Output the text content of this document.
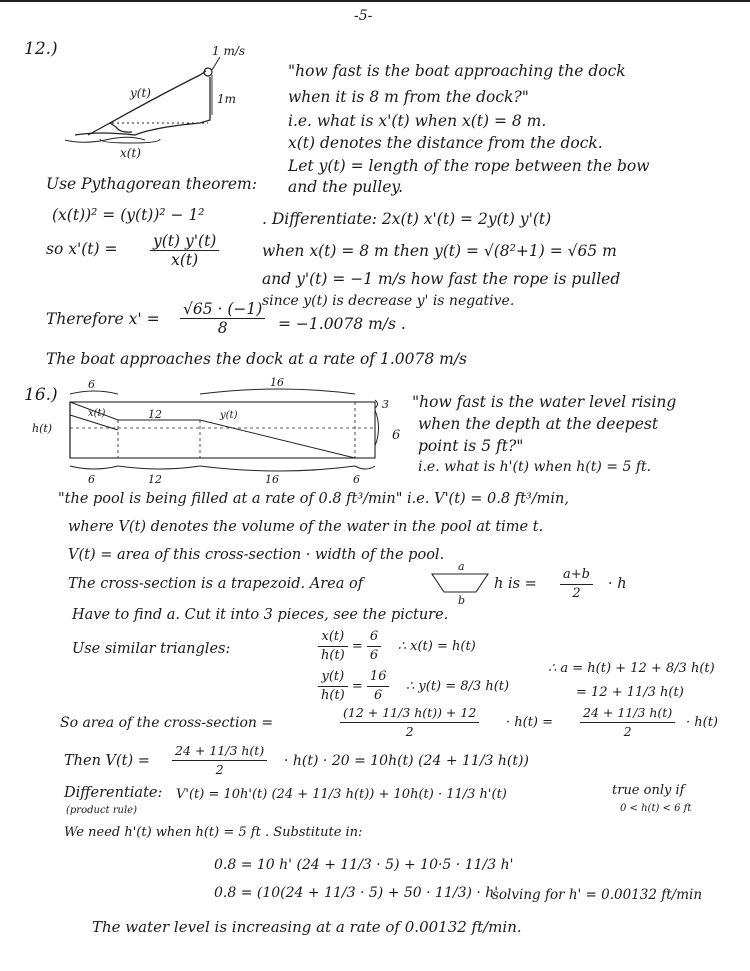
-5-
12.)	1 m/s
y(t)	1m
x(t)
"how fast is the boat approaching the dock
when it is 8 m from the dock?"
i.e. what is x'(t) when x(t) = 8 m.
x(t) denotes the distance from the dock.
Let y(t) = length of the rope between the bow
and the pulley.
Use Pythagorean theorem:
(x(t))² = (y(t))² − 1²	. Differentiate: 2x(t) x'(t) = 2y(t) y'(t)
so $x'(t) = \frac{y(t) y'(t)}{x(t)}$	when x(t) = 8 m then y(t) = √(8²+1) = √65 m
and y'(t) = −1 m/s how fast the rope is pulled
since y(t) is decrease y' is negative.
Therefore $x' = \frac{√65 \cdot (-1)}{8} = -1.0078$ m/s .
The boat approaches the dock at a rate of 1.0078 m/s
16.)
6	16
6	12	16	6
12
h(t)
x(t)	y(t)
3
6
"how fast is the water level rising
when the depth at the deepest
point is 5 ft?"
i.e. what is h'(t) when h(t) = 5 ft.
"the pool is being filled at a rate of 0.8 ft³/min" i.e. V'(t) = 0.8 ft³/min,
where V(t) denotes the volume of the water in the pool at time t.
V(t) = area of this cross-section · width of the pool.
The cross-section is a trapezoid. Area of
a
b
h is = $\frac{a+b}{2} \cdot h$
Have to find a. Cut it into 3 pieces, see the picture.
Use similar triangles:	$\frac{x(t)}{h(t)} = \frac{6}{6}$ ∴ x(t) = h(t)
$\frac{y(t)}{h(t)} = \frac{16}{6}$ ∴ y(t) = 8/3 h(t)
∴ a = h(t) + 12 + 8/3 h(t)
= 12 + 11/3 h(t)
So area of the cross-section =	$\frac{(12 + 11/3 h(t)) + 12}{2} \cdot h(t) = \frac{24 + 11/3 h(t)}{2} \cdot h(t)$
Then $V(t) = \frac{24 + 11/3 h(t)}{2} \cdot h(t) \cdot 20 = 10h(t) (24 + 11/3$ h(t))
Differentiate:
(product rule)
V'(t) = 10h'(t) (24 + 11/3 h(t)) + 10h(t) · 11/3 h'(t)	true only if
0 < h(t) < 6 ft
We need h'(t) when h(t) = 5 ft . Substitute in:
0.8 = 10 h' (24 + 11/3 · 5) + 10·5 · 11/3 h'
0.8 = (10(24 + 11/3 · 5) + 50 · 11/3) · h'
solving for h' = 0.00132 ft/min
The water level is increasing at a rate of 0.00132 ft/min.
